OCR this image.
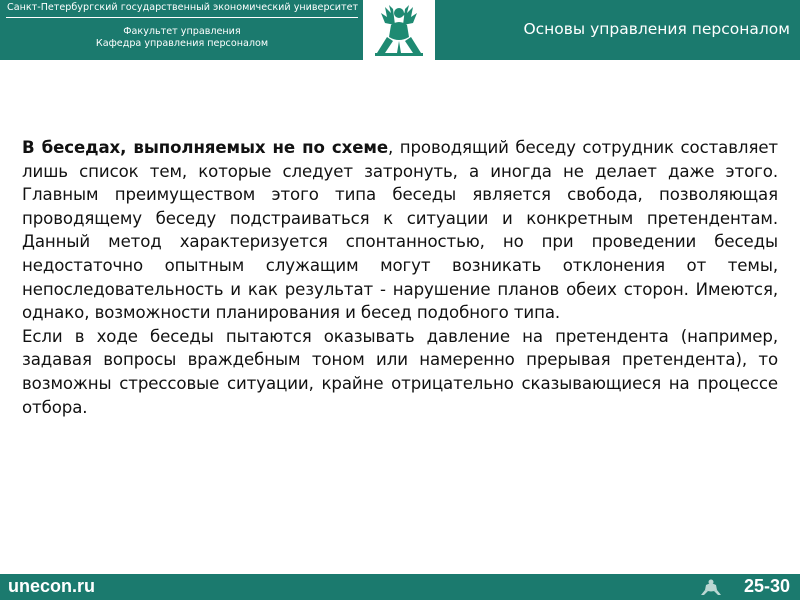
Санкт-Петербургский государственный экономический университет
Факультет управления
Кафедра управления персоналом
Основы управления персоналом

В беседах, выполняемых не по схеме, проводящий беседу сотрудник составляет лишь список тем, которые следует затронуть, а иногда не делает даже этого. Главным преимуществом этого типа беседы является свобода, позволяющая проводящему беседу подстраиваться к ситуации и конкретным претендентам. Данный метод характеризуется спонтанностью, но при проведении беседы недостаточно опытным служащим могут возникать отклонения от темы, непоследовательность и как результат - нарушение планов обеих сторон. Имеются, однако, возможности планирования и бесед подобного типа.

Если в ходе беседы пытаются оказывать давление на претендента (например, задавая вопросы враждебным тоном или намеренно прерывая претендента), то возможны стрессовые ситуации, крайне отрицательно сказывающиеся на процессе отбора.

unecon.ru	25-30
